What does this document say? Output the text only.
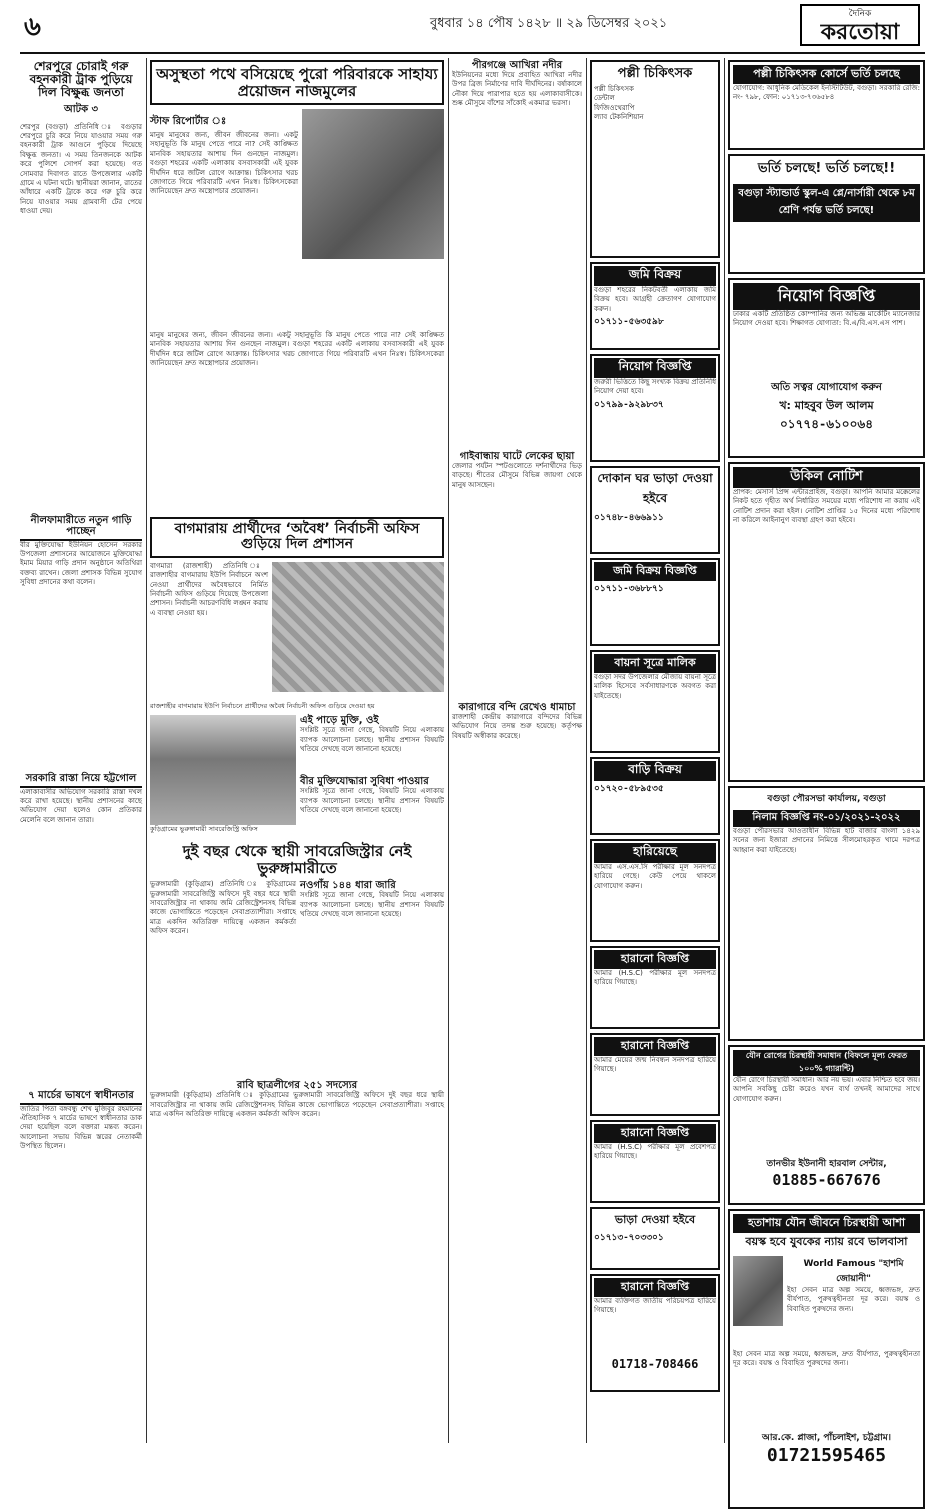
৬	বুধবার ১৪ পৌষ ১৪২৮ ॥ ২৯ ডিসেম্বর ২০২১
দৈনিক
করতোয়া
শেরপুরে চোরাই গরু বহনকারী ট্রাক পুড়িয়ে দিল বিক্ষুব্ধ জনতা
আটক ৩
শেরপুর (বগুড়া) প্রতিনিধি ঃ বগুড়ার শেরপুরে চুরি করে নিয়ে যাওয়ার সময় গরু বহনকারী ট্রাক আগুনে পুড়িয়ে দিয়েছে বিক্ষুব্ধ জনতা। এ সময় তিনজনকে আটক করে পুলিশে সোপর্দ করা হয়েছে। গত সোমবার দিবাগত রাতে উপজেলার একটি গ্রামে এ ঘটনা ঘটে। স্থানীয়রা জানান, রাতের আঁধারে একটি ট্রাকে করে গরু চুরি করে নিয়ে যাওয়ার সময় গ্রামবাসী টের পেয়ে ধাওয়া দেয়।
নীলফামারীতে নতুন গাড়ি পাচ্ছেন
বীর মুক্তিযোদ্ধা ইউনিয়ন হোসেন সরকার উপজেলা প্রশাসনের আয়োজনে মুক্তিযোদ্ধা ইমাম মিয়ার গাড়ি প্রদান অনুষ্ঠানে অতিথিরা বক্তব্য রাখেন। জেলা প্রশাসক বিভিন্ন সুযোগ সুবিধা প্রদানের কথা বলেন।
সরকারি রাস্তা নিয়ে হট্টগোল
এলাকাবাসীর অভিযোগ সরকারি রাস্তা দখল করে রাখা হয়েছে। স্থানীয় প্রশাসনের কাছে অভিযোগ দেয়া হলেও কোন প্রতিকার মেলেনি বলে জানান তারা।
৭ মার্চের ভাষণে স্বাধীনতার
জাতির পিতা বঙ্গবন্ধু শেখ মুজিবুর রহমানের ঐতিহাসিক ৭ মার্চের ভাষণে স্বাধীনতার ডাক দেয়া হয়েছিল বলে বক্তারা মন্তব্য করেন। আলোচনা সভায় বিভিন্ন স্তরের নেতাকর্মী উপস্থিত ছিলেন।
অসুস্থতা পথে বসিয়েছে পুরো পরিবারকে সাহায্য প্রয়োজন নাজমুলের
স্টাফ রিপোর্টার ঃ
মানুষ মানুষের জন্য, জীবন জীবনের জন্য। একটু সহানুভূতি কি মানুষ পেতে পারে না? সেই কাঙ্ক্ষিত মানবিক সহায়তার আশায় দিন গুনছেন নাজমুল। বগুড়া শহরের একটি এলাকায় বসবাসকারী এই যুবক দীর্ঘদিন ধরে জটিল রোগে আক্রান্ত। চিকিৎসার খরচ জোগাতে গিয়ে পরিবারটি এখন নিঃস্ব। চিকিৎসকেরা জানিয়েছেন দ্রুত অস্ত্রোপচার প্রয়োজন।
মানুষ মানুষের জন্য, জীবন জীবনের জন্য। একটু সহানুভূতি কি মানুষ পেতে পারে না? সেই কাঙ্ক্ষিত মানবিক সহায়তার আশায় দিন গুনছেন নাজমুল। বগুড়া শহরের একটি এলাকায় বসবাসকারী এই যুবক দীর্ঘদিন ধরে জটিল রোগে আক্রান্ত। চিকিৎসার খরচ জোগাতে গিয়ে পরিবারটি এখন নিঃস্ব। চিকিৎসকেরা জানিয়েছেন দ্রুত অস্ত্রোপচার প্রয়োজন।
বাগমারায় প্রার্থীদের ‘অবৈধ’ নির্বাচনী অফিস গুড়িয়ে দিল প্রশাসন
বাগমারা (রাজশাহী) প্রতিনিধি ঃ রাজশাহীর বাগমারায় ইউপি নির্বাচনে অংশ নেওয়া প্রার্থীদের অবৈধভাবে নির্মিত নির্বাচনী অফিস গুড়িয়ে দিয়েছে উপজেলা প্রশাসন। নির্বাচনী আচরণবিধি লঙ্ঘন করায় এ ব্যবস্থা নেওয়া হয়।
রাজশাহীর বাগমারায় ইউপি নির্বাচনে প্রার্থীদের অবৈধ নির্বাচনী অফিস গুড়িয়ে দেওয়া হয়
কুড়িগ্রামের ভুরুঙ্গামারী সাবরেজিস্ট্রি অফিস
এই পাড়ে মুক্তি, ওই
সংশ্লিষ্ট সূত্রে জানা গেছে, বিষয়টি নিয়ে এলাকায় ব্যাপক আলোচনা চলছে। স্থানীয় প্রশাসন বিষয়টি খতিয়ে দেখছে বলে জানানো হয়েছে।
বীর মুক্তিযোদ্ধারা সুবিধা পাওয়ার
সংশ্লিষ্ট সূত্রে জানা গেছে, বিষয়টি নিয়ে এলাকায় ব্যাপক আলোচনা চলছে। স্থানীয় প্রশাসন বিষয়টি খতিয়ে দেখছে বলে জানানো হয়েছে।
দুই বছর থেকে স্থায়ী সাবরেজিস্ট্রার নেই ভুরুঙ্গামারীতে
ভুরুঙ্গামারী (কুড়িগ্রাম) প্রতিনিধি ঃ কুড়িগ্রামের ভুরুঙ্গামারী সাবরেজিস্ট্রি অফিসে দুই বছর ধরে স্থায়ী সাবরেজিস্ট্রার না থাকায় জমি রেজিস্ট্রেশনসহ বিভিন্ন কাজে ভোগান্তিতে পড়েছেন সেবাপ্রত্যাশীরা। সপ্তাহে মাত্র একদিন অতিরিক্ত দায়িত্বে একজন কর্মকর্তা অফিস করেন।
নওগাঁয় ১৪৪ ধারা জারি
সংশ্লিষ্ট সূত্রে জানা গেছে, বিষয়টি নিয়ে এলাকায় ব্যাপক আলোচনা চলছে। স্থানীয় প্রশাসন বিষয়টি খতিয়ে দেখছে বলে জানানো হয়েছে।
রাবি ছাত্রলীগের ২৫১ সদস্যের
ভুরুঙ্গামারী (কুড়িগ্রাম) প্রতিনিধি ঃ কুড়িগ্রামের ভুরুঙ্গামারী সাবরেজিস্ট্রি অফিসে দুই বছর ধরে স্থায়ী সাবরেজিস্ট্রার না থাকায় জমি রেজিস্ট্রেশনসহ বিভিন্ন কাজে ভোগান্তিতে পড়েছেন সেবাপ্রত্যাশীরা। সপ্তাহে মাত্র একদিন অতিরিক্ত দায়িত্বে একজন কর্মকর্তা অফিস করেন।
পীরগঞ্জে আখিরা নদীর
ইউনিয়নের মধ্যে দিয়ে প্রবাহিত আখিরা নদীর উপর ব্রিজ নির্মাণের দাবি দীর্ঘদিনের। বর্ষাকালে নৌকা দিয়ে পারাপার হতে হয় এলাকাবাসীকে। শুষ্ক মৌসুমে বাঁশের সাঁকোই একমাত্র ভরসা।
গাইবান্ধায় ঘাটে লেকের ছায়া
জেলার পর্যটন স্পটগুলোতে দর্শনার্থীদের ভিড় বাড়ছে। শীতের মৌসুমে বিভিন্ন জায়গা থেকে মানুষ আসছেন।
কারাগারে বন্দি রেখেও ধামাচা
রাজশাহী কেন্দ্রীয় কারাগারে বন্দিদের বিভিন্ন অভিযোগ নিয়ে তদন্ত শুরু হয়েছে। কর্তৃপক্ষ বিষয়টি অস্বীকার করেছে।
পল্লী চিকিৎসক
পল্লী চিকিৎসক
ডেন্টাল
ফিজিওথেরাপি
ল্যাব টেকনিশিয়ান
জমি বিক্রয়
বগুড়া শহরের নিকটবর্তী এলাকায় জমি বিক্রয় হবে। আগ্রহী ক্রেতাগণ যোগাযোগ করুন।
০১৭১১-৫৬৩৫৯৮
নিয়োগ বিজ্ঞপ্তি
জরুরী ভিত্তিতে কিছু সংখ্যক বিক্রয় প্রতিনিধি নিয়োগ দেয়া হবে।
০১৭৯৯-৯২৯৮৩৭
দোকান ঘর ভাড়া দেওয়া হইবে
০১৭৪৮-৪৬৬৯১১
জমি বিক্রয় বিজ্ঞপ্তি
০১৭১১-৩৬৮৮৭১
বায়না সূত্রে মালিক
বগুড়া সদর উপজেলার মৌজায় বায়না সূত্রে মালিক হিসেবে সর্বসাধারণকে অবগত করা যাইতেছে।
বাড়ি বিক্রয়
০১৭২০-৫৮৯৫৩৫
হারিয়েছে
আমার এস.এস.সি পরীক্ষার মূল সনদপত্র হারিয়ে গেছে। কেউ পেয়ে থাকলে যোগাযোগ করুন।
হারানো বিজ্ঞপ্তি
আমার (H.S.C) পরীক্ষার মূল সনদপত্র হারিয়ে গিয়াছে।
হারানো বিজ্ঞপ্তি
আমার মেয়ের জন্ম নিবন্ধন সনদপত্র হারিয়ে গিয়াছে।
হারানো বিজ্ঞপ্তি
আমার (H.S.C) পরীক্ষার মূল প্রবেশপত্র হারিয়ে গিয়াছে।
ভাড়া দেওয়া হইবে
০১৭১৩-৭০৩৩০১
হারানো বিজ্ঞপ্তি
আমার ব্যক্তিগত জাতীয় পরিচয়পত্র হারিয়ে গিয়াছে।
01718-708466
পল্লী চিকিৎসক কোর্সে ভর্তি চলছে
যোগাযোগ: আধুনিক মেডিকেল ইনস্টিটিউট, বগুড়া। সরকারি রেজি: নং- ৭৯৮, ফোন: ০১৭১৩-৭৩৬৫৮৪
ভর্তি চলছে! ভর্তি চলছে!!
বগুড়া স্ট্যান্ডার্ড স্কুল-এ প্লে/নার্সারী থেকে ৮ম শ্রেণি পর্যন্ত ভর্তি চলছে!
নিয়োগ বিজ্ঞপ্তি
ঢাকার একটি প্রতিষ্ঠিত কোম্পানির জন্য অভিজ্ঞ মার্কেটিং ম্যানেজার নিয়োগ দেওয়া হবে। শিক্ষাগত যোগ্যতা: বি.এ/বি.এস.এস পাশ।
অতি সত্বর যোগাযোগ করুন
খ: মাহবুব উল আলম
০১৭৭৪-৬১০০৬৪
উকিল নোটিশ
প্রাপক: মেসার্স প্রিন্স এন্টারপ্রাইজ, বগুড়া। আপনি আমার মক্কেলের নিকট হতে গৃহীত অর্থ নির্ধারিত সময়ের মধ্যে পরিশোধ না করায় এই নোটিশ প্রদান করা হইল। নোটিশ প্রাপ্তির ১৫ দিনের মধ্যে পরিশোধ না করিলে আইনানুগ ব্যবস্থা গ্রহণ করা হইবে।
বগুড়া পৌরসভা কার্যালয়, বগুড়া
নিলাম বিজ্ঞপ্তি নং-০১/২০২১-২০২২
বগুড়া পৌরসভার আওতাধীন বিভিন্ন হাট বাজার বাংলা ১৪২৯ সনের জন্য ইজারা প্রদানের নিমিত্তে সীলমোহরকৃত খামে দরপত্র আহ্বান করা যাইতেছে।
যৌন রোগের চিরস্থায়ী সমাধান (বিফলে মূল্য ফেরত ১০০% গ্যারান্টি)
যৌন রোগে চিরস্থায়ী সমাধান। আর নয় ভয়। এবার নিশ্চিত হবে জয়। আপনি সবকিছু চেষ্টা করেও যখন ব্যর্থ তখনই আমাদের সাথে যোগাযোগ করুন।
তানভীর ইউনানী হারবাল সেন্টার,
01885-667676
হতাশায় যৌন জীবনে চিরস্থায়ী আশা
বয়স্ক হবে যুবকের ন্যায় রবে ভালবাসা
World Famous "হাশমি জোয়ানী"
ইহা সেবন মাত্র অল্প সময়ে, ধ্বজভঙ্গ, দ্রুত বীর্যপাত, পুরুষত্বহীনতা দূর করে। বয়স্ক ও বিবাহিত পুরুষদের জন্য।
ইহা সেবন মাত্র অল্প সময়ে, ধ্বজভঙ্গ, দ্রুত বীর্যপাত, পুরুষত্বহীনতা দূর করে। বয়স্ক ও বিবাহিত পুরুষদের জন্য।
আর.কে. প্লাজা, পাঁচলাইশ, চট্টগ্রাম।
01721595465
